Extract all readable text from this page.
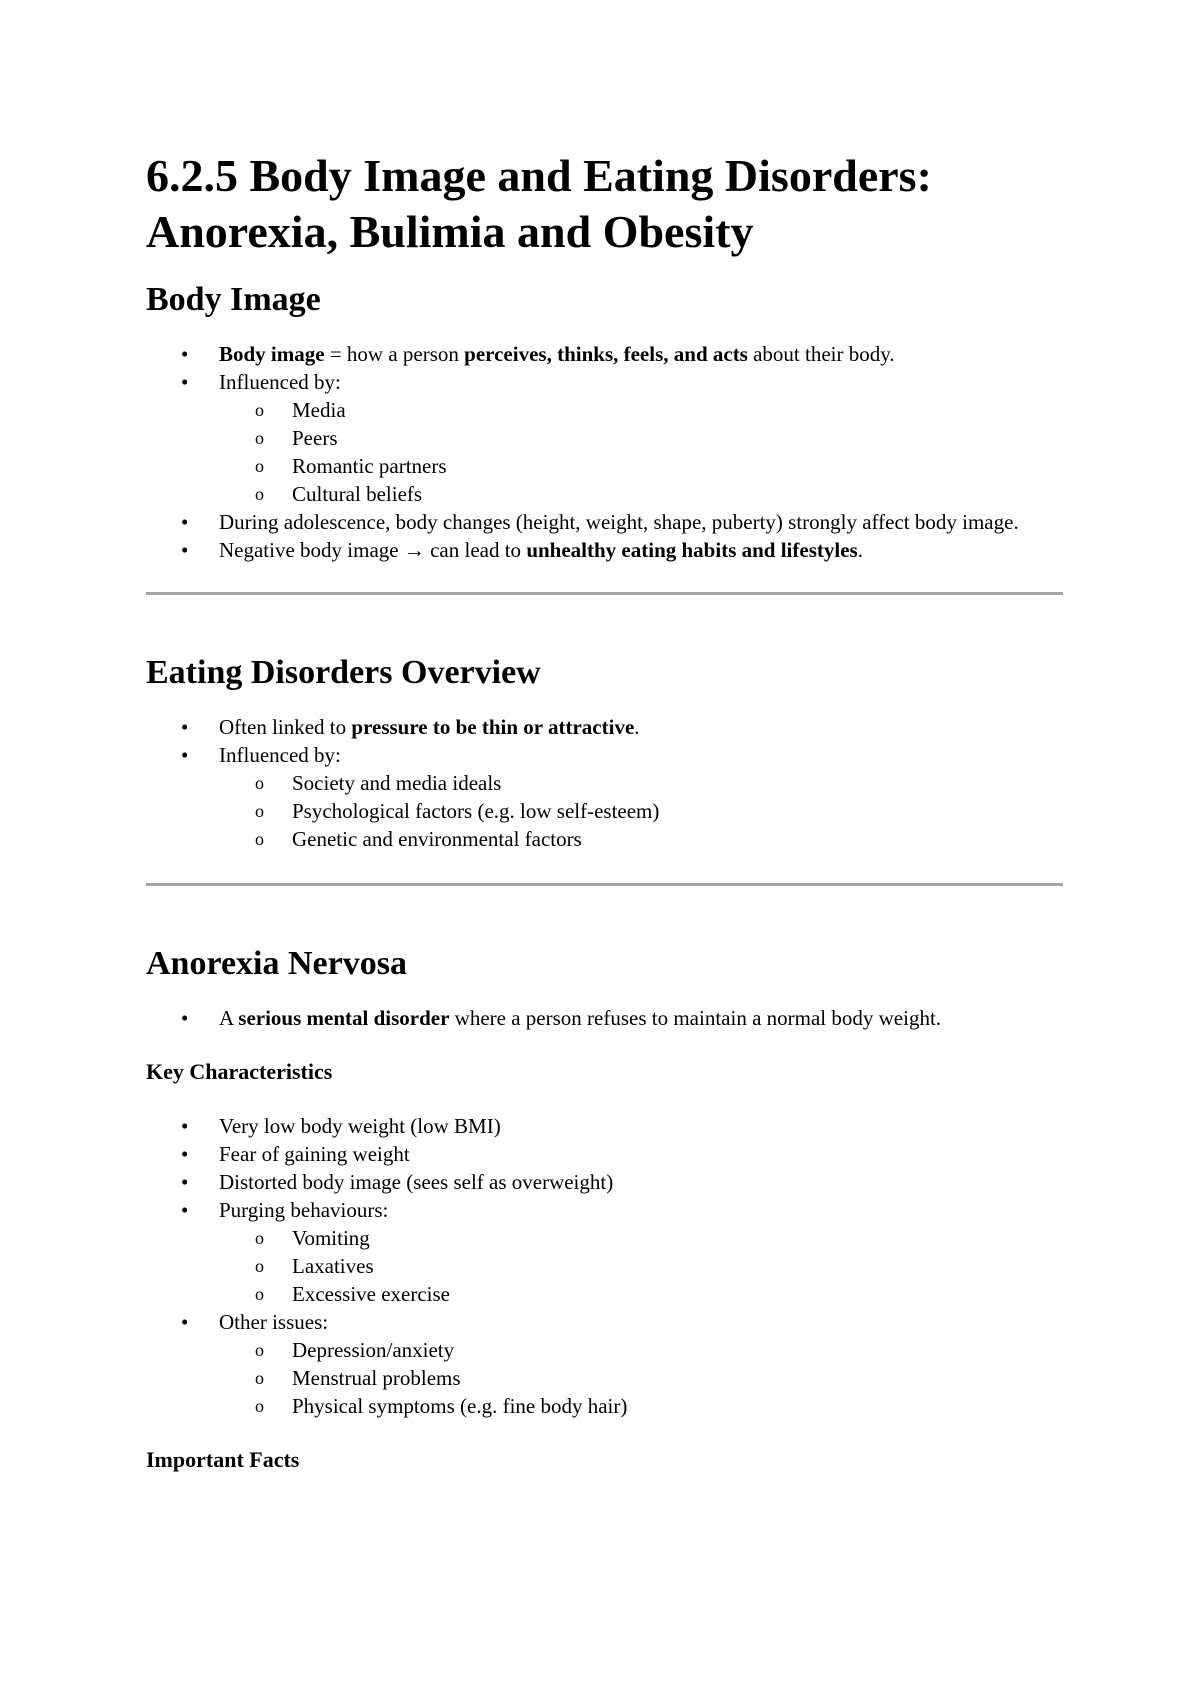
6.2.5 Body Image and Eating Disorders:
Anorexia, Bulimia and Obesity
Body Image
• Body image = how a person perceives, thinks, feels, and acts about their body.
• Influenced by:
o Media
o Peers
o Romantic partners
o Cultural beliefs
• During adolescence, body changes (height, weight, shape, puberty) strongly affect body image.
• Negative body image → can lead to unhealthy eating habits and lifestyles.
Eating Disorders Overview
• Often linked to pressure to be thin or attractive.
• Influenced by:
o Society and media ideals
o Psychological factors (e.g. low self-esteem)
o Genetic and environmental factors
Anorexia Nervosa
• A serious mental disorder where a person refuses to maintain a normal body weight.
Key Characteristics
• Very low body weight (low BMI)
• Fear of gaining weight
• Distorted body image (sees self as overweight)
• Purging behaviours:
o Vomiting
o Laxatives
o Excessive exercise
• Other issues:
o Depression/anxiety
o Menstrual problems
o Physical symptoms (e.g. fine body hair)
Important Facts
